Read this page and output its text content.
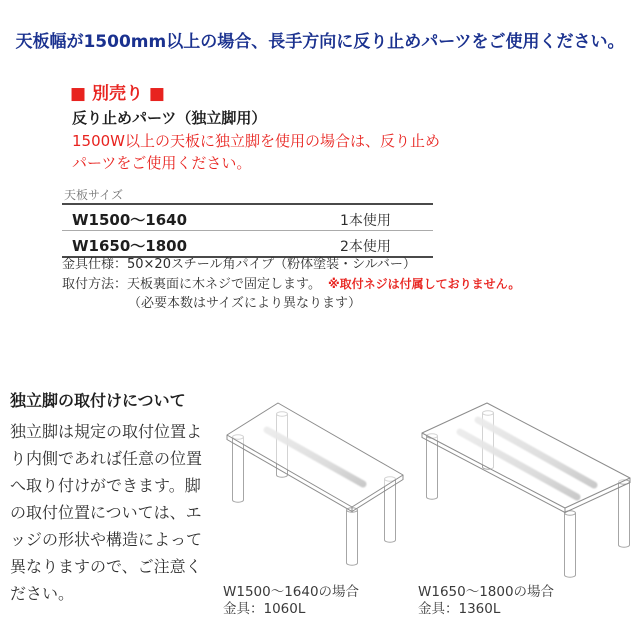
天板幅が1500mm以上の場合、長手方向に反り止めパーツをご使用ください。
■ 別売り ■
反り止めパーツ（独立脚用）
1500W以上の天板に独立脚を使用の場合は、反り止め
パーツをご使用ください。
天板サイズ
W1500～1640	1本使用
W1650～1800	2本使用
金具仕様：50×20スチール角パイプ（粉体塗装・シルバー）
取付方法：天板裏面に木ネジで固定します。 ※取付ネジは付属しておりません。
（必要本数はサイズにより異なります）

独立脚の取付けについて

独立脚は規定の取付位置より内側であれば任意の位置へ取り付けができます。脚の取付位置については、エッジの形状や構造によって異なりますので、ご注意ください。	W1500～1640の場合
金具：1060L
W1650～1800の場合
金具：1360L
